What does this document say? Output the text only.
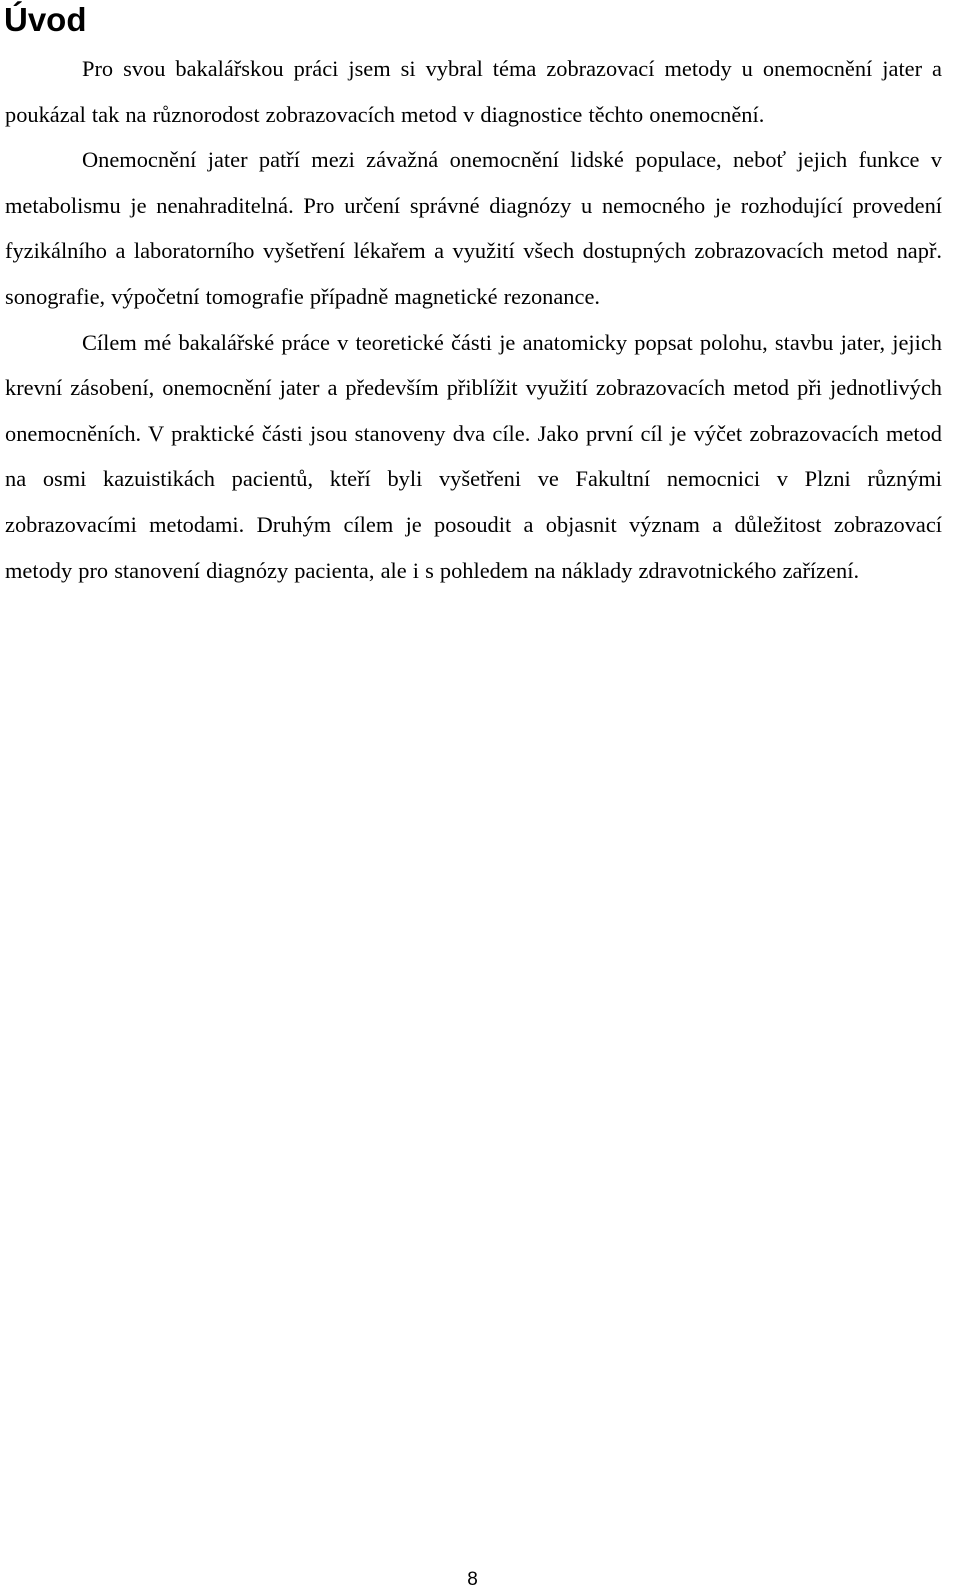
Úvod

Pro svou bakalářskou práci jsem si vybral téma zobrazovací metody u onemocnění jater a poukázal tak na různorodost zobrazovacích metod v diagnostice těchto onemocnění.

Onemocnění jater patří mezi závažná onemocnění lidské populace, neboť jejich funkce v metabolismu je nenahraditelná. Pro určení správné diagnózy u nemocného je rozhodující provedení fyzikálního a laboratorního vyšetření lékařem a využití všech dostupných zobrazovacích metod např. sonografie, výpočetní tomografie případně magnetické rezonance.

Cílem mé bakalářské práce v teoretické části je anatomicky popsat polohu, stavbu jater, jejich krevní zásobení, onemocnění jater a především přiblížit využití zobrazovacích metod při jednotlivých onemocněních. V praktické části jsou stanoveny dva cíle. Jako první cíl je výčet zobrazovacích metod na osmi kazuistikách pacientů, kteří byli vyšetřeni ve Fakultní nemocnici v Plzni různými zobrazovacími metodami. Druhým cílem je posoudit a objasnit význam a důležitost zobrazovací metody pro stanovení diagnózy pacienta, ale i s pohledem na náklady zdravotnického zařízení.

8
